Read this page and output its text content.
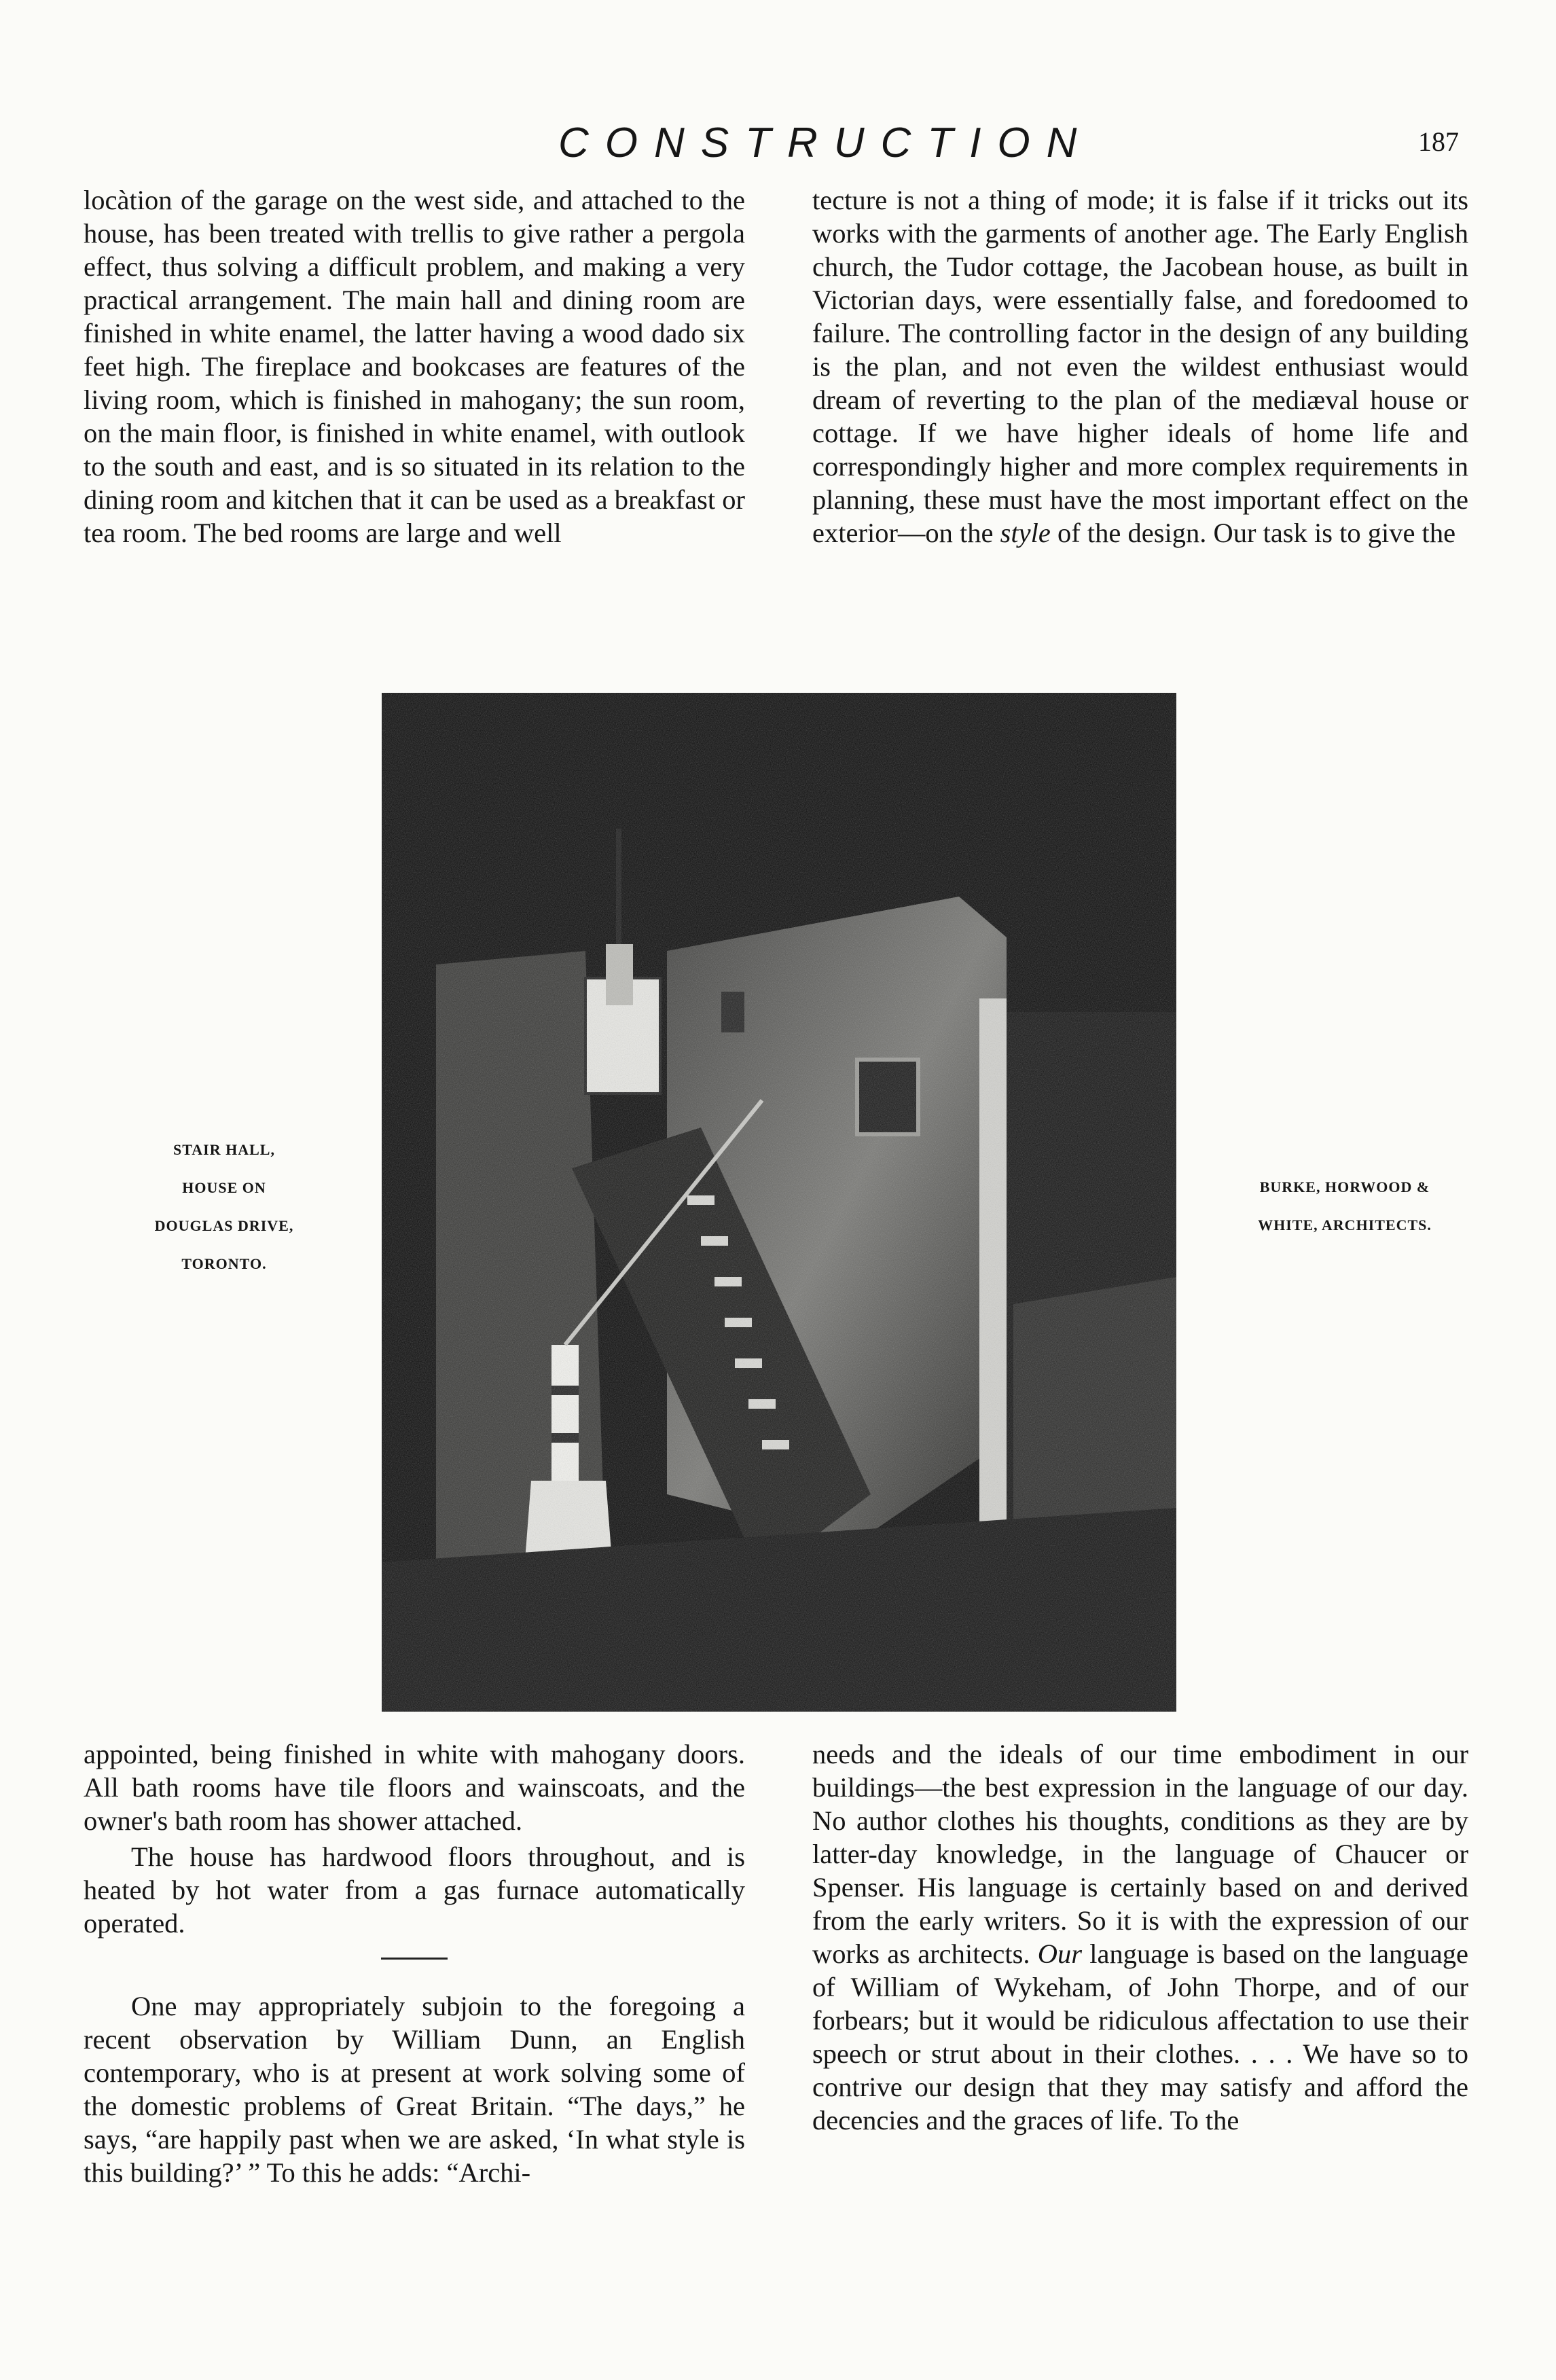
CONSTRUCTION	187

locàtion of the garage on the west side, and attached to the house, has been treated with trellis to give rather a pergola effect, thus solving a difficult problem, and making a very practical arrangement. The main hall and dining room are finished in white enamel, the latter having a wood dado six feet high. The fireplace and bookcases are features of the living room, which is finished in mahogany; the sun room, on the main floor, is finished in white enamel, with outlook to the south and east, and is so situated in its relation to the dining room and kitchen that it can be used as a breakfast or tea room. The bed rooms are large and well

tecture is not a thing of mode; it is false if it tricks out its works with the garments of another age. The Early English church, the Tudor cottage, the Jacobean house, as built in Victorian days, were essentially false, and foredoomed to failure. The controlling factor in the design of any building is the plan, and not even the wildest enthusiast would dream of reverting to the plan of the mediæval house or cottage. If we have higher ideals of home life and correspondingly higher and more complex requirements in planning, these must have the most important effect on the exterior—on the style of the design. Our task is to give the

STAIR HALL,
HOUSE ON
DOUGLAS DRIVE,
TORONTO.
BURKE, HORWOOD &
WHITE, ARCHITECTS.

appointed, being finished in white with mahogany doors. All bath rooms have tile floors and wainscoats, and the owner's bath room has shower attached.

The house has hardwood floors throughout, and is heated by hot water from a gas furnace automatically operated.

One may appropriately subjoin to the foregoing a recent observation by William Dunn, an English contemporary, who is at present at work solving some of the domestic problems of Great Britain. “The days,” he says, “are happily past when we are asked, ‘In what style is this building?’ ” To this he adds: “Archi-

needs and the ideals of our time embodiment in our buildings—the best expression in the language of our day. No author clothes his thoughts, conditions as they are by latter-day knowledge, in the language of Chaucer or Spenser. His language is certainly based on and derived from the early writers. So it is with the expression of our works as architects. Our language is based on the language of William of Wykeham, of John Thorpe, and of our forbears; but it would be ridiculous affectation to use their speech or strut about in their clothes. . . . We have so to contrive our design that they may satisfy and afford the decencies and the graces of life. To the
